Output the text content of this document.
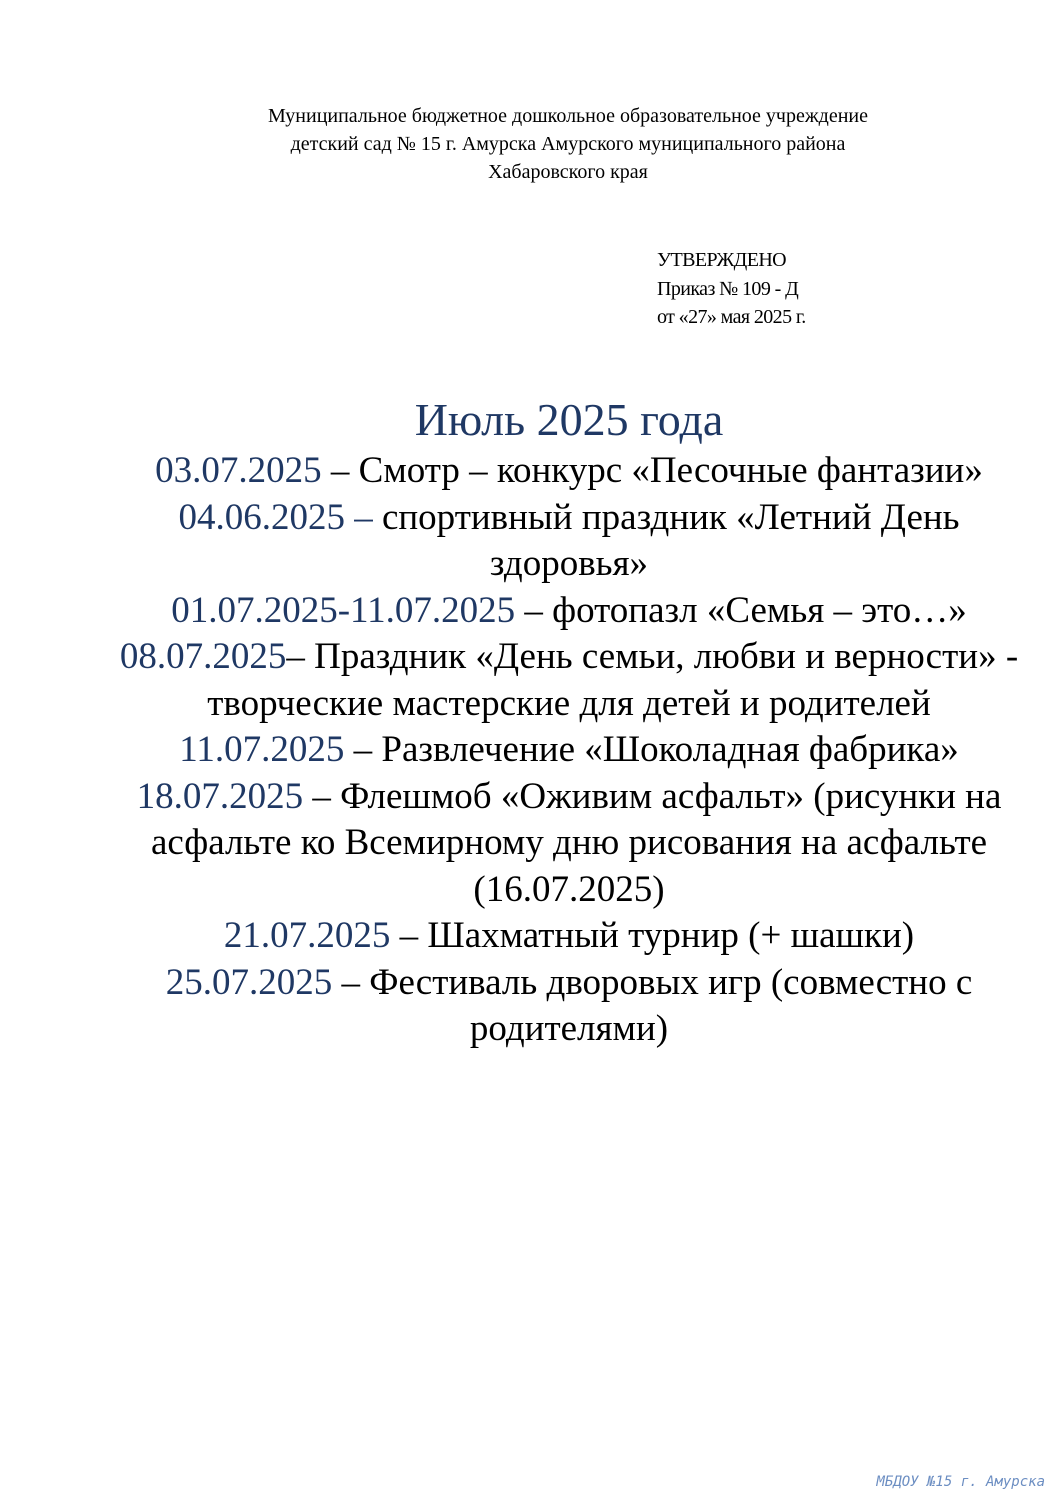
Муниципальное бюджетное дошкольное образовательное учреждение
детский сад № 15 г. Амурска Амурского муниципального района
Хабаровского края
УТВЕРЖДЕНО
Приказ № 109 - Д
от «27» мая 2025 г.
Июль 2025 года

03.07.2025 – Смотр – конкурс «Песочные фантазии»

04.06.2025 – спортивный праздник «Летний День здоровья»

01.07.2025-11.07.2025 – фотопазл «Семья – это…»

08.07.2025– Праздник «День семьи, любви и верности» - творческие мастерские для детей и родителей

11.07.2025 – Развлечение «Шоколадная фабрика»

18.07.2025 – Флешмоб «Оживим асфальт» (рисунки на асфальте ко Всемирному дню рисования на асфальте (16.07.2025)

21.07.2025 – Шахматный турнир (+ шашки)

25.07.2025 – Фестиваль дворовых игр (совместно с родителями)

МБДОУ №15 г. Амурска
